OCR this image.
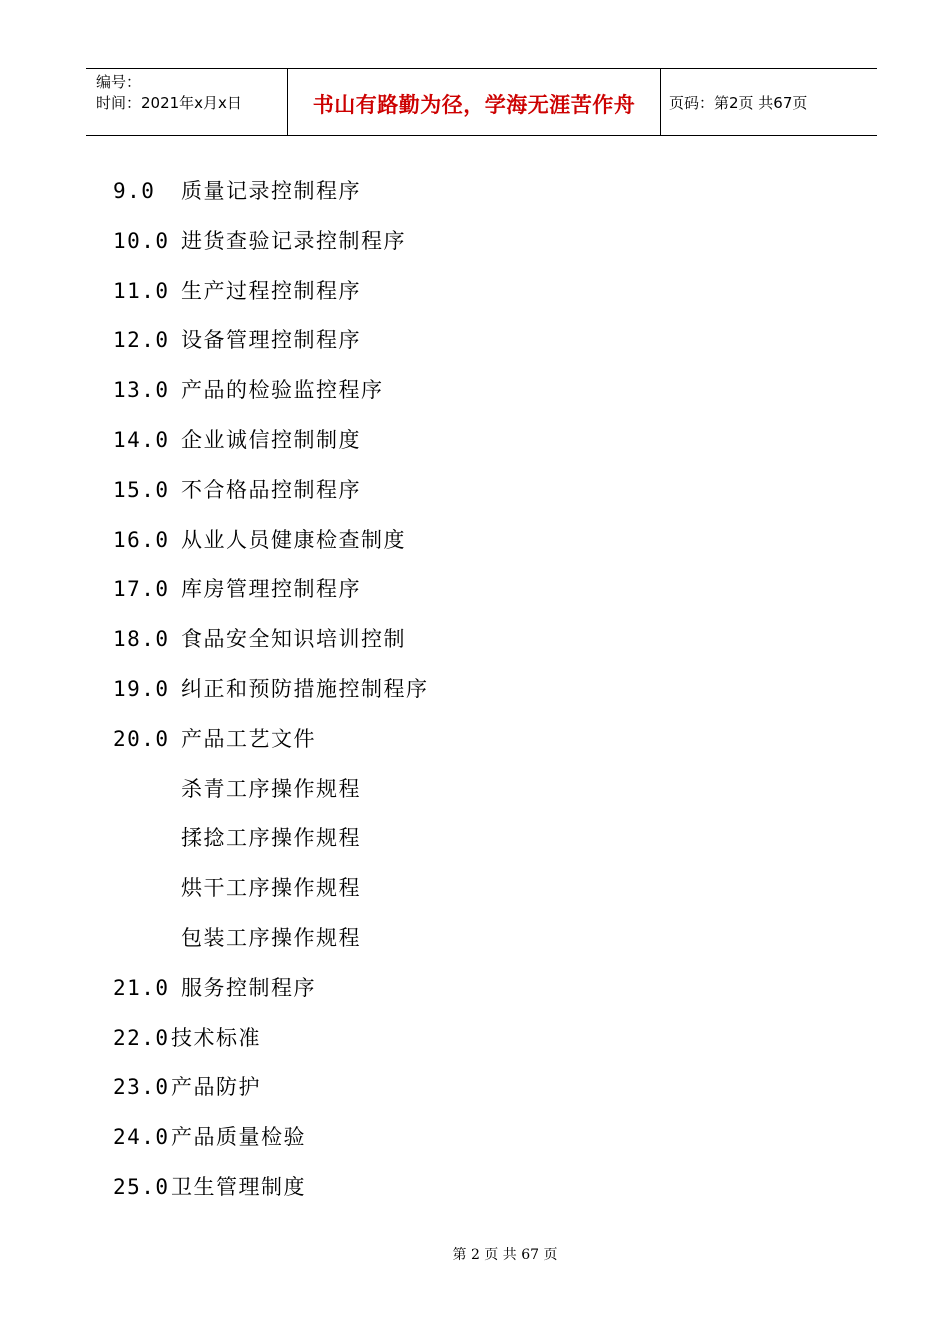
编号：
时间：2021年x月x日	书山有路勤为径，学海无涯苦作舟 页码：第2页 共67页
9.0 质量记录控制程序
10.0 进货查验记录控制程序
11.0 生产过程控制程序
12.0 设备管理控制程序
13.0 产品的检验监控程序
14.0 企业诚信控制制度
15.0 不合格品控制程序
16.0 从业人员健康检查制度
17.0 库房管理控制程序
18.0 食品安全知识培训控制
19.0 纠正和预防措施控制程序
20.0 产品工艺文件
杀青工序操作规程
揉捻工序操作规程
烘干工序操作规程
包装工序操作规程
21.0 服务控制程序
22.0技术标准
23.0产品防护
24.0产品质量检验
25.0卫生管理制度
第 2 页 共 67 页
